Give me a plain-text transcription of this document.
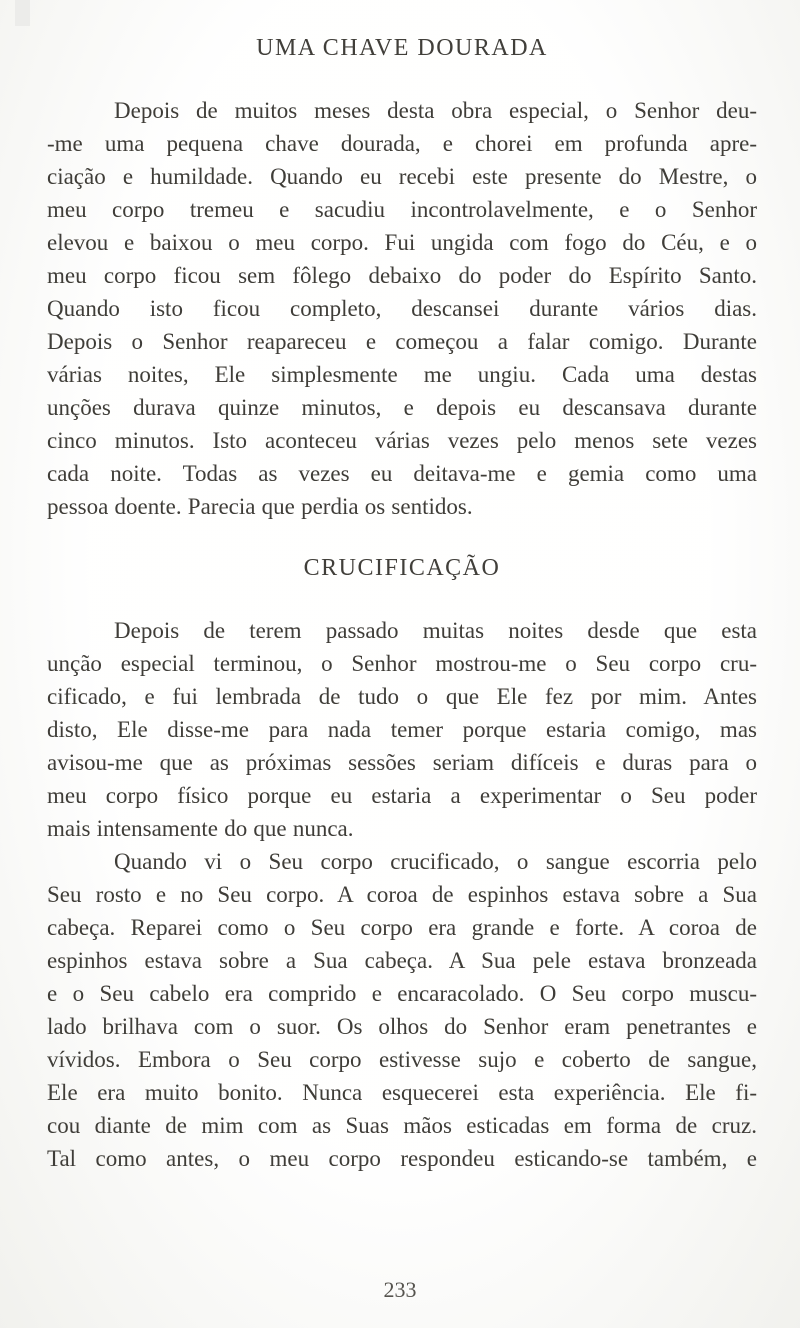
UMA CHAVE DOURADA
Depois de muitos meses desta obra especial, o Senhor deu-
-me uma pequena chave dourada, e chorei em profunda apre-
ciação e humildade. Quando eu recebi este presente do Mestre, o
meu corpo tremeu e sacudiu incontrolavelmente, e o Senhor
elevou e baixou o meu corpo. Fui ungida com fogo do Céu, e o
meu corpo ficou sem fôlego debaixo do poder do Espírito Santo.
Quando isto ficou completo, descansei durante vários dias.
Depois o Senhor reapareceu e começou a falar comigo. Durante
várias noites, Ele simplesmente me ungiu. Cada uma destas
unções durava quinze minutos, e depois eu descansava durante
cinco minutos. Isto aconteceu várias vezes pelo menos sete vezes
cada noite. Todas as vezes eu deitava-me e gemia como uma
pessoa doente. Parecia que perdia os sentidos.
CRUCIFICAÇÃO
Depois de terem passado muitas noites desde que esta
unção especial terminou, o Senhor mostrou-me o Seu corpo cru-
cificado, e fui lembrada de tudo o que Ele fez por mim. Antes
disto, Ele disse-me para nada temer porque estaria comigo, mas
avisou-me que as próximas sessões seriam difíceis e duras para o
meu corpo físico porque eu estaria a experimentar o Seu poder
mais intensamente do que nunca.
Quando vi o Seu corpo crucificado, o sangue escorria pelo
Seu rosto e no Seu corpo. A coroa de espinhos estava sobre a Sua
cabeça. Reparei como o Seu corpo era grande e forte. A coroa de
espinhos estava sobre a Sua cabeça. A Sua pele estava bronzeada
e o Seu cabelo era comprido e encaracolado. O Seu corpo muscu-
lado brilhava com o suor. Os olhos do Senhor eram penetrantes e
vívidos. Embora o Seu corpo estivesse sujo e coberto de sangue,
Ele era muito bonito. Nunca esquecerei esta experiência. Ele fi-
cou diante de mim com as Suas mãos esticadas em forma de cruz.
Tal como antes, o meu corpo respondeu esticando-se também, e
233
